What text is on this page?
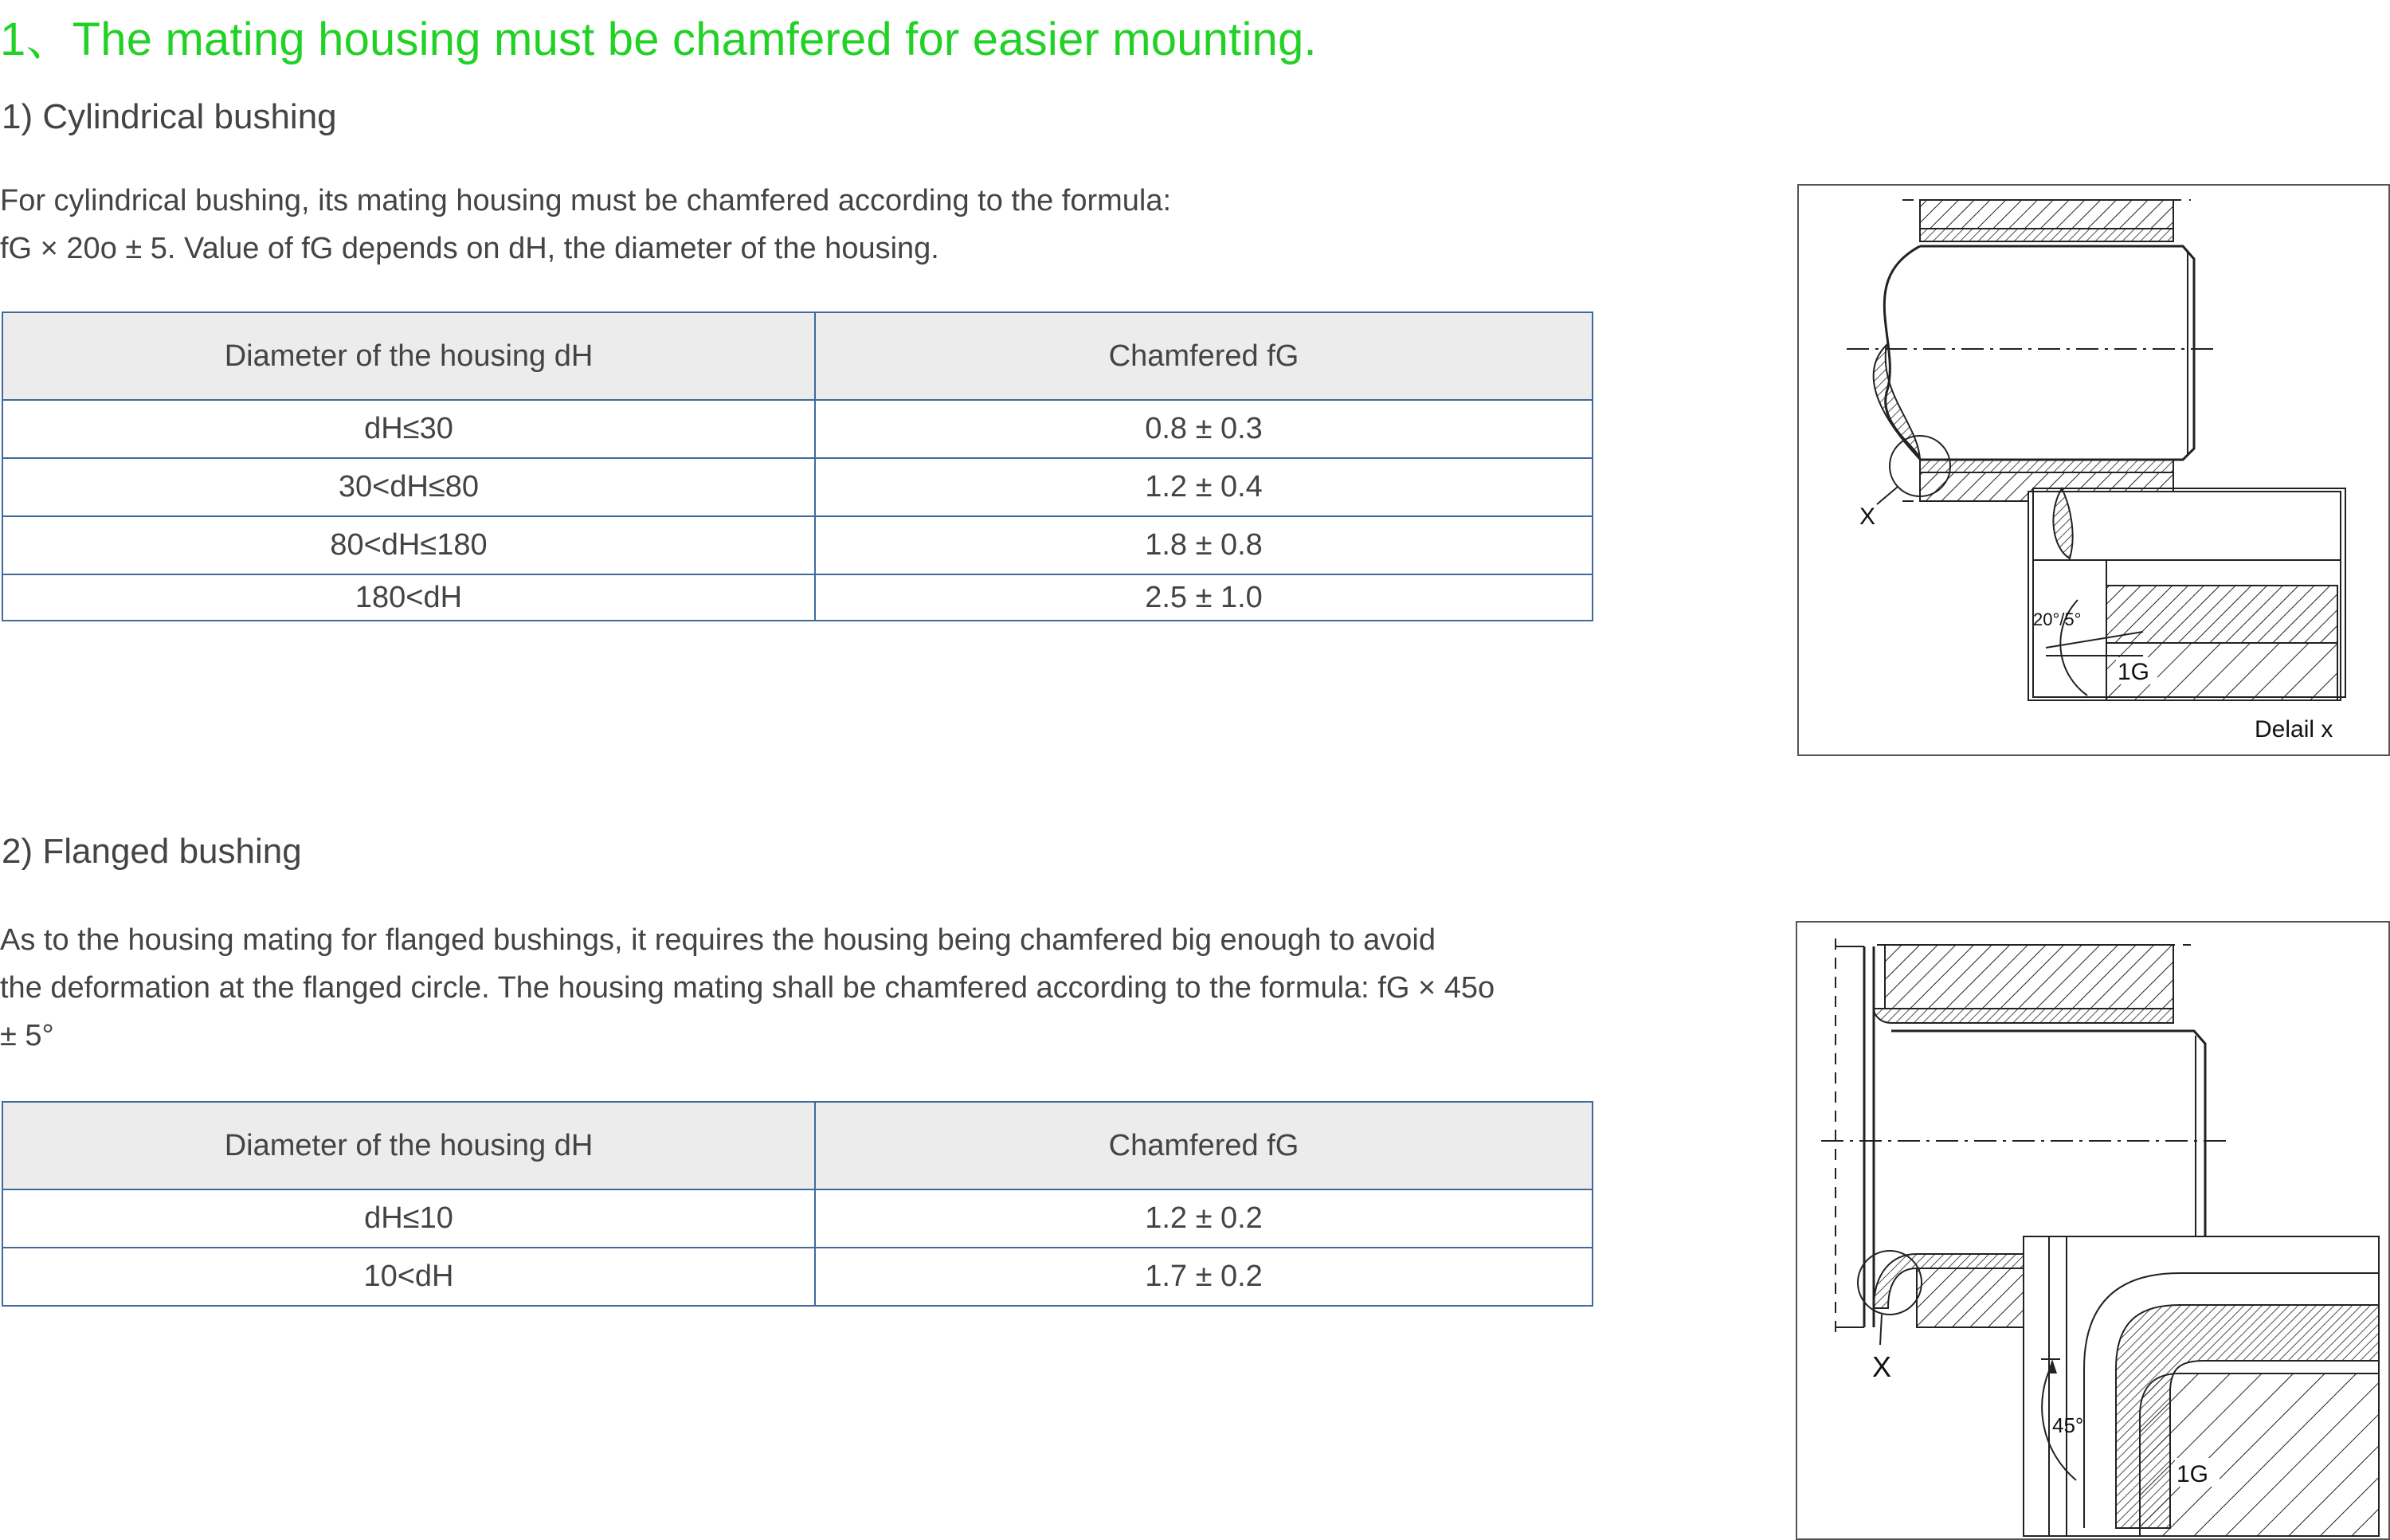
1、The mating housing must be chamfered for easier mounting.
1) Cylindrical bushing

For cylindrical bushing, its mating housing must be chamfered according to the formula:

fG × 20o ± 5. Value of fG depends on dH, the diameter of the housing.

Diameter of the housing dH	Chamfered fG
dH≤30	0.8 ± 0.3
30<dH≤80	1.2 ± 0.4
80<dH≤180	1.8 ± 0.8
180<dH	2.5 ± 1.0
X
20°/5°
1G
Delail x
2) Flanged bushing

As to the housing mating for flanged bushings, it requires the housing being chamfered big enough to avoid

the deformation at the flanged circle. The housing mating shall be chamfered according to the formula: fG × 45o

± 5°

Diameter of the housing dH	Chamfered fG
dH≤10	1.2 ± 0.2
10<dH	1.7 ± 0.2
X
45°
1G
